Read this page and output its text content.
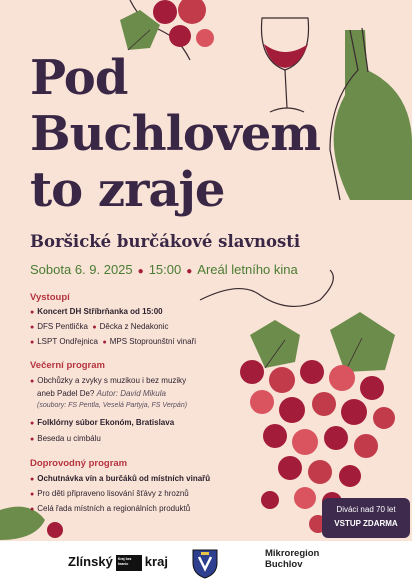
Pod
Buchlovem
to zraje
Boršické burčákové slavnosti
Sobota 6. 9. 2025 ● 15:00 ● Areál letního kina
Vystoupí
● Koncert DH Stříbrňanka od 15:00
● DFS Pentlička ● Děcka z Nedakonic
● LSPT Ondřejnica ● MPS Stoprounštní vinaři
Večerní program
● Obchůzky a zvyky s muzikou i bez muziky
aneb Padel De? Autor: David Mikula
(soubory: FS Pentla, Veselá Partyja, FS Verpán)
● Folklórny súbor Ekonóm, Bratislava
● Beseda u cimbálu
Doprovodný program
● Ochutnávka vín a burčáků od místních vinařů
● Pro děti připraveno lisování šťávy z hroznů
● Celá řada místních a regionálních produktů	Diváci nad 70 let
VSTUP ZDARMA
Zlínský Kraj bez hranic kraj
Mikroregion
Buchlov
